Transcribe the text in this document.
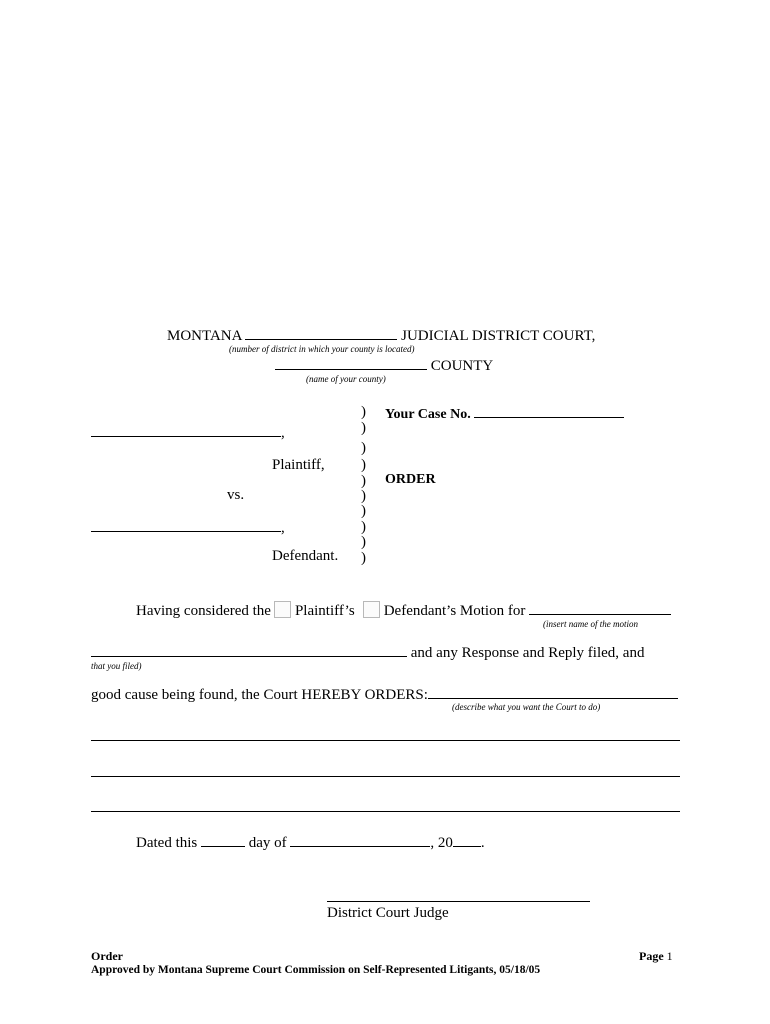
MONTANA	JUDICIAL DISTRICT COURT,
(number of district in which your county is located)
COUNTY
(name of your county)
Your Case No.
)
)
)
)
)
)
)
)
)
)
,
Plaintiff,
ORDER
vs.
,
Defendant.
Having considered the Plaintiff’s Defendant’s Motion for
(insert name of the motion
and any Response and Reply filed, and
that you filed)
good cause being found, the Court HEREBY ORDERS:
(describe what you want the Court to do)
Dated this	day of	, 20 .
District Court Judge
Order	Page 1
Approved by Montana Supreme Court Commission on Self-Represented Litigants, 05/18/05
